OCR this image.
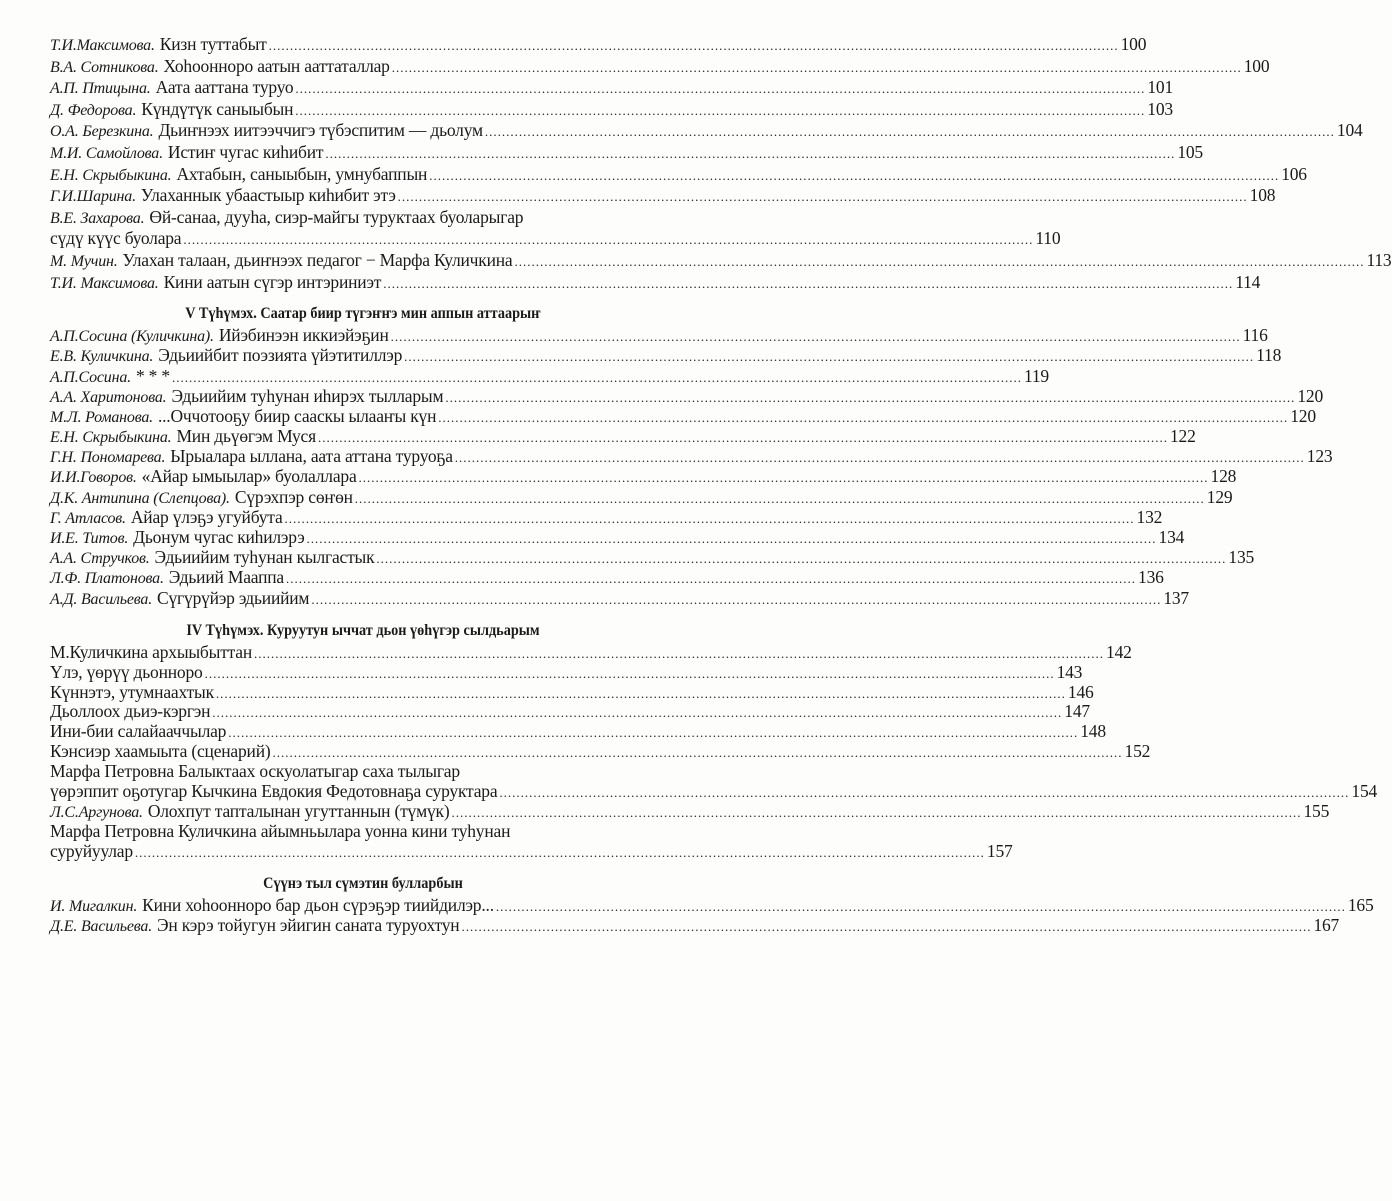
Т.И.Максимова. Кизн туттабыт ........................................................................................................................................................................................................ 100
В.А. Сотникова. Хоһоонноро аатын ааттаталлар ........................................................................................................................................................................................................ 100
А.П. Птицына. Аата ааттана туруо ........................................................................................................................................................................................................ 101
Д. Федорова. Күндүтүк саныыбын ........................................................................................................................................................................................................ 103
О.А. Березкина. Дьиҥнээх иитээччигэ түбэспитим — дьолум ........................................................................................................................................................................................................ 104
М.И. Самойлова. Истиҥ чугас киһибит ........................................................................................................................................................................................................ 105
Е.Н. Скрыбыкина. Ахтабын, саныыбын, умнубаппын ........................................................................................................................................................................................................ 106
Г.И.Шарина. Улаханнык убаастыыр киһибит этэ ........................................................................................................................................................................................................ 108
В.Е. Захарова. Өй-санаа, дууһа, сиэр-майгы туруктаах буоларыгар
сүдү күүс буолара ........................................................................................................................................................................................................ 110
М. Мучин. Улахан талаан, дьиҥнээх педагог − Марфа Куличкина ........................................................................................................................................................................................................ 113
Т.И. Максимова. Кини аатын сүгэр интэриниэт ........................................................................................................................................................................................................ 114
V Түһүмэх. Саатар биир түгэҥҥэ мин аппын аттаарыҥ
А.П.Сосина (Куличкина). Ийэбинээн иккиэйэҕин ........................................................................................................................................................................................................ 116
Е.В. Куличкина. Эдьиийбит поэзията үйэтитиллэр ........................................................................................................................................................................................................ 118
А.П.Сосина. * * * ........................................................................................................................................................................................................ 119
А.А. Харитонова. Эдьиийим туһунан иһирэх тылларым ........................................................................................................................................................................................................ 120
М.Л. Романова. ...Оччотооҕу биир сааскы ылааҥы күн ........................................................................................................................................................................................................ 120
Е.Н. Скрыбыкина. Мин дьүөгэм Муся ........................................................................................................................................................................................................ 122
Г.Н. Пономарева. Ырыалара ыллана, аата аттана туруоҕа ........................................................................................................................................................................................................ 123
И.И.Говоров. «Айар ымыылар» буолаллара ........................................................................................................................................................................................................ 128
Д.К. Антипина (Слепцова). Сүрэхпэр сөҥөн ........................................................................................................................................................................................................ 129
Г. Атласов. Айар үлэҕэ угуйбута ........................................................................................................................................................................................................ 132
И.Е. Титов. Дьонум чугас киһилэрэ ........................................................................................................................................................................................................ 134
А.А. Стручков. Эдьиийим туһунан кылгастык ........................................................................................................................................................................................................ 135
Л.Ф. Платонова. Эдьиий Мааппа ........................................................................................................................................................................................................ 136
А.Д. Васильева. Сүгүрүйэр эдьиийим ........................................................................................................................................................................................................ 137
IV Түһүмэх. Куруутун ыччат дьон үөһүгэр сылдьарым
М.Куличкина архыыбыттан ........................................................................................................................................................................................................ 142
Үлэ, үөрүү дьонноро ........................................................................................................................................................................................................ 143
Күннэтэ, утумнаахтык ........................................................................................................................................................................................................ 146
Дьоллоох дьиэ-кэргэн ........................................................................................................................................................................................................ 147
Ини-бии салайааччылар ........................................................................................................................................................................................................ 148
Кэнсиэр хаамыыта (сценарий) ........................................................................................................................................................................................................ 152
Марфа Петровна Балыктаах оскуолатыгар саха тылыгар
үөрэппит оҕотугар Кычкина Евдокия Федотовнаҕа суруктара ........................................................................................................................................................................................................ 154
Л.С.Аргунова. Олохпут тапталынан угуттаннын (түмүк) ........................................................................................................................................................................................................ 155
Марфа Петровна Куличкина айымньылара уонна кини туһунан
суруйуулар ........................................................................................................................................................................................................ 157
Сүүнэ тыл сүмэтин булларбын
И. Мигалкин. Кини хоһоонноро бар дьон сүрэҕэр тиийдилэр... ........................................................................................................................................................................................................ 165
Д.Е. Васильева. Эн кэрэ тойугун эйигин саната туруохтун ........................................................................................................................................................................................................ 167
